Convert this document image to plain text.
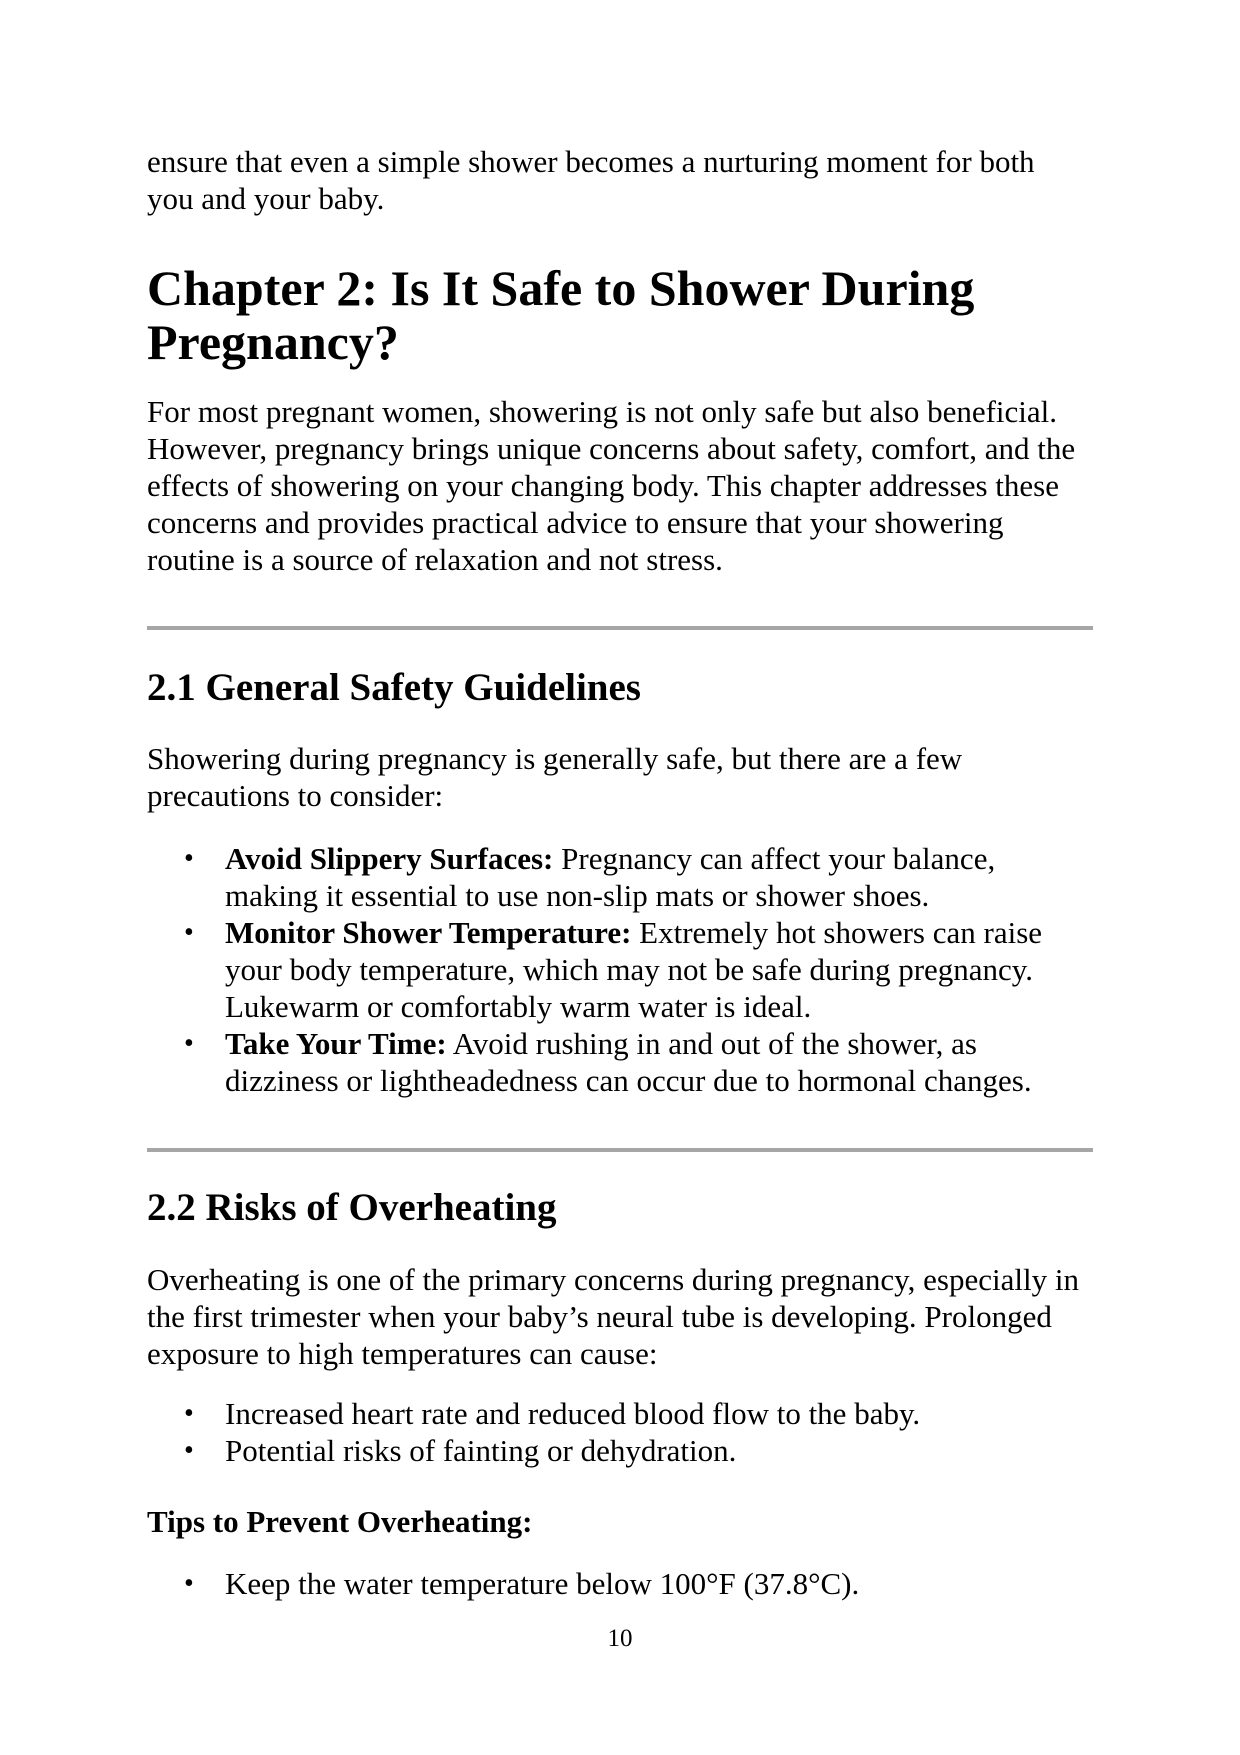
ensure that even a simple shower becomes a nurturing moment for both
you and your baby.

Chapter 2: Is It Safe to Shower During
Pregnancy?

For most pregnant women, showering is not only safe but also beneficial.
However, pregnancy brings unique concerns about safety, comfort, and the
effects of showering on your changing body. This chapter addresses these
concerns and provides practical advice to ensure that your showering
routine is a source of relaxation and not stress.

2.1 General Safety Guidelines

Showering during pregnancy is generally safe, but there are a few
precautions to consider:

• Avoid Slippery Surfaces: Pregnancy can affect your balance,
making it essential to use non-slip mats or shower shoes.
• Monitor Shower Temperature: Extremely hot showers can raise
your body temperature, which may not be safe during pregnancy.
Lukewarm or comfortably warm water is ideal.
• Take Your Time: Avoid rushing in and out of the shower, as
dizziness or lightheadedness can occur due to hormonal changes.
2.2 Risks of Overheating

Overheating is one of the primary concerns during pregnancy, especially in
the first trimester when your baby’s neural tube is developing. Prolonged
exposure to high temperatures can cause:

• Increased heart rate and reduced blood flow to the baby.
• Potential risks of fainting or dehydration.
Tips to Prevent Overheating:
• Keep the water temperature below 100°F (37.8°C).
10
